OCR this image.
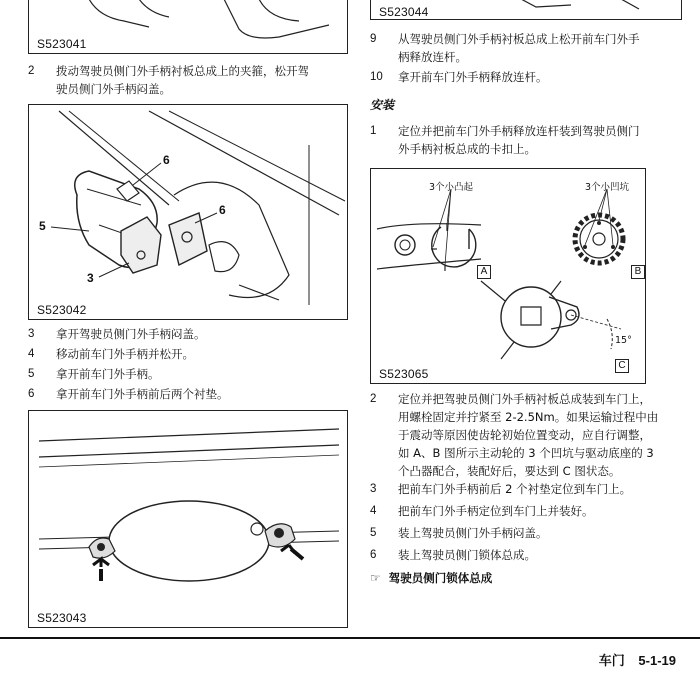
S523041
S523044
2 拨动驾驶员侧门外手柄衬板总成上的夹箍，松开驾
驶员侧门外手柄闷盖。
5
6
6
3
S523042
3 拿开驾驶员侧门外手柄闷盖。
4 移动前车门外手柄并松开。
5 拿开前车门外手柄。
6 拿开前车门外手柄前后两个衬垫。
S523043
9 从驾驶员侧门外手柄衬板总成上松开前车门外手
柄释放连杆。
10 拿开前车门外手柄释放连杆。
安装
1 定位并把前车门外手柄释放连杆装到驾驶员侧门
外手柄衬板总成的卡扣上。
3个小凸起	3个小凹坑
A	B
C
15°
S523065
2 定位并把驾驶员侧门外手柄衬板总成装到车门上，
用螺栓固定并拧紧至 2-2.5Nm。如果运输过程中由
于震动等原因使齿轮初始位置变动，应自行调整，
如 A、B 图所示主动轮的 3 个凹坑与驱动底座的 3
个凸器配合，装配好后，要达到 C 图状态。
3 把前车门外手柄前后 2 个衬垫定位到车门上。
4 把前车门外手柄定位到车门上并装好。
5 装上驾驶员侧门外手柄闷盖。
6 装上驾驶员侧门锁体总成。
☞ 驾驶员侧门锁体总成
车门 5-1-19
